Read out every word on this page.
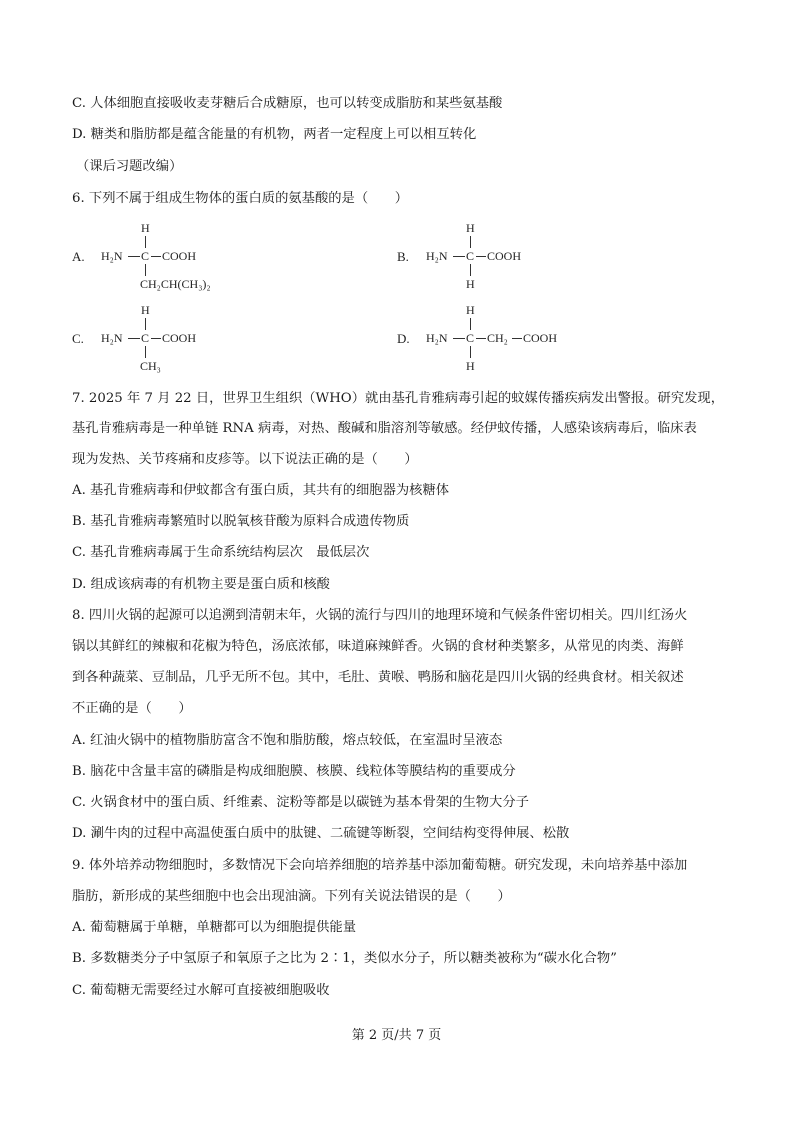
C. 人体细胞直接吸收麦芽糖后合成糖原，也可以转变成脂肪和某些氨基酸
D. 糖类和脂肪都是蕴含能量的有机物，两者一定程度上可以相互转化
（课后习题改编）
6. 下列不属于组成生物体的蛋白质的氨基酸的是（　　）
A.
H
H₂N C COOH
CH₂CH(CH₃)₂
B.
H
H₂N C COOH
H
C.
H
H₂N C COOH
CH₃
D.
H
H₂N C CH₂ COOH
H
7. 2025 年 7 月 22 日，世界卫生组织（WHO）就由基孔肯雅病毒引起的蚊媒传播疾病发出警报。研究发现，
基孔肯雅病毒是一种单链 RNA 病毒，对热、酸碱和脂溶剂等敏感。经伊蚊传播，人感染该病毒后，临床表
现为发热、关节疼痛和皮疹等。以下说法正确的是（　　）
A. 基孔肯雅病毒和伊蚊都含有蛋白质，其共有的细胞器为核糖体
B. 基孔肯雅病毒繁殖时以脱氧核苷酸为原料合成遗传物质
C. 基孔肯雅病毒属于生命系统结构层次　最低层次
D. 组成该病毒的有机物主要是蛋白质和核酸
8. 四川火锅的起源可以追溯到清朝末年，火锅的流行与四川的地理环境和气候条件密切相关。四川红汤火
锅以其鲜红的辣椒和花椒为特色，汤底浓郁，味道麻辣鲜香。火锅的食材种类繁多，从常见的肉类、海鲜
到各种蔬菜、豆制品，几乎无所不包。其中，毛肚、黄喉、鸭肠和脑花是四川火锅的经典食材。相关叙述
不正确的是（　　）
A. 红油火锅中的植物脂肪富含不饱和脂肪酸，熔点较低，在室温时呈液态
B. 脑花中含量丰富的磷脂是构成细胞膜、核膜、线粒体等膜结构的重要成分
C. 火锅食材中的蛋白质、纤维素、淀粉等都是以碳链为基本骨架的生物大分子
D. 涮牛肉的过程中高温使蛋白质中的肽键、二硫键等断裂，空间结构变得伸展、松散
9. 体外培养动物细胞时，多数情况下会向培养细胞的培养基中添加葡萄糖。研究发现，未向培养基中添加
脂肪，新形成的某些细胞中也会出现油滴。下列有关说法错误的是（　　）
A. 葡萄糖属于单糖，单糖都可以为细胞提供能量
B. 多数糖类分子中氢原子和氧原子之比为 2∶1，类似水分子，所以糖类被称为“碳水化合物”
C. 葡萄糖无需要经过水解可直接被细胞吸收
第 2 页/共 7 页
